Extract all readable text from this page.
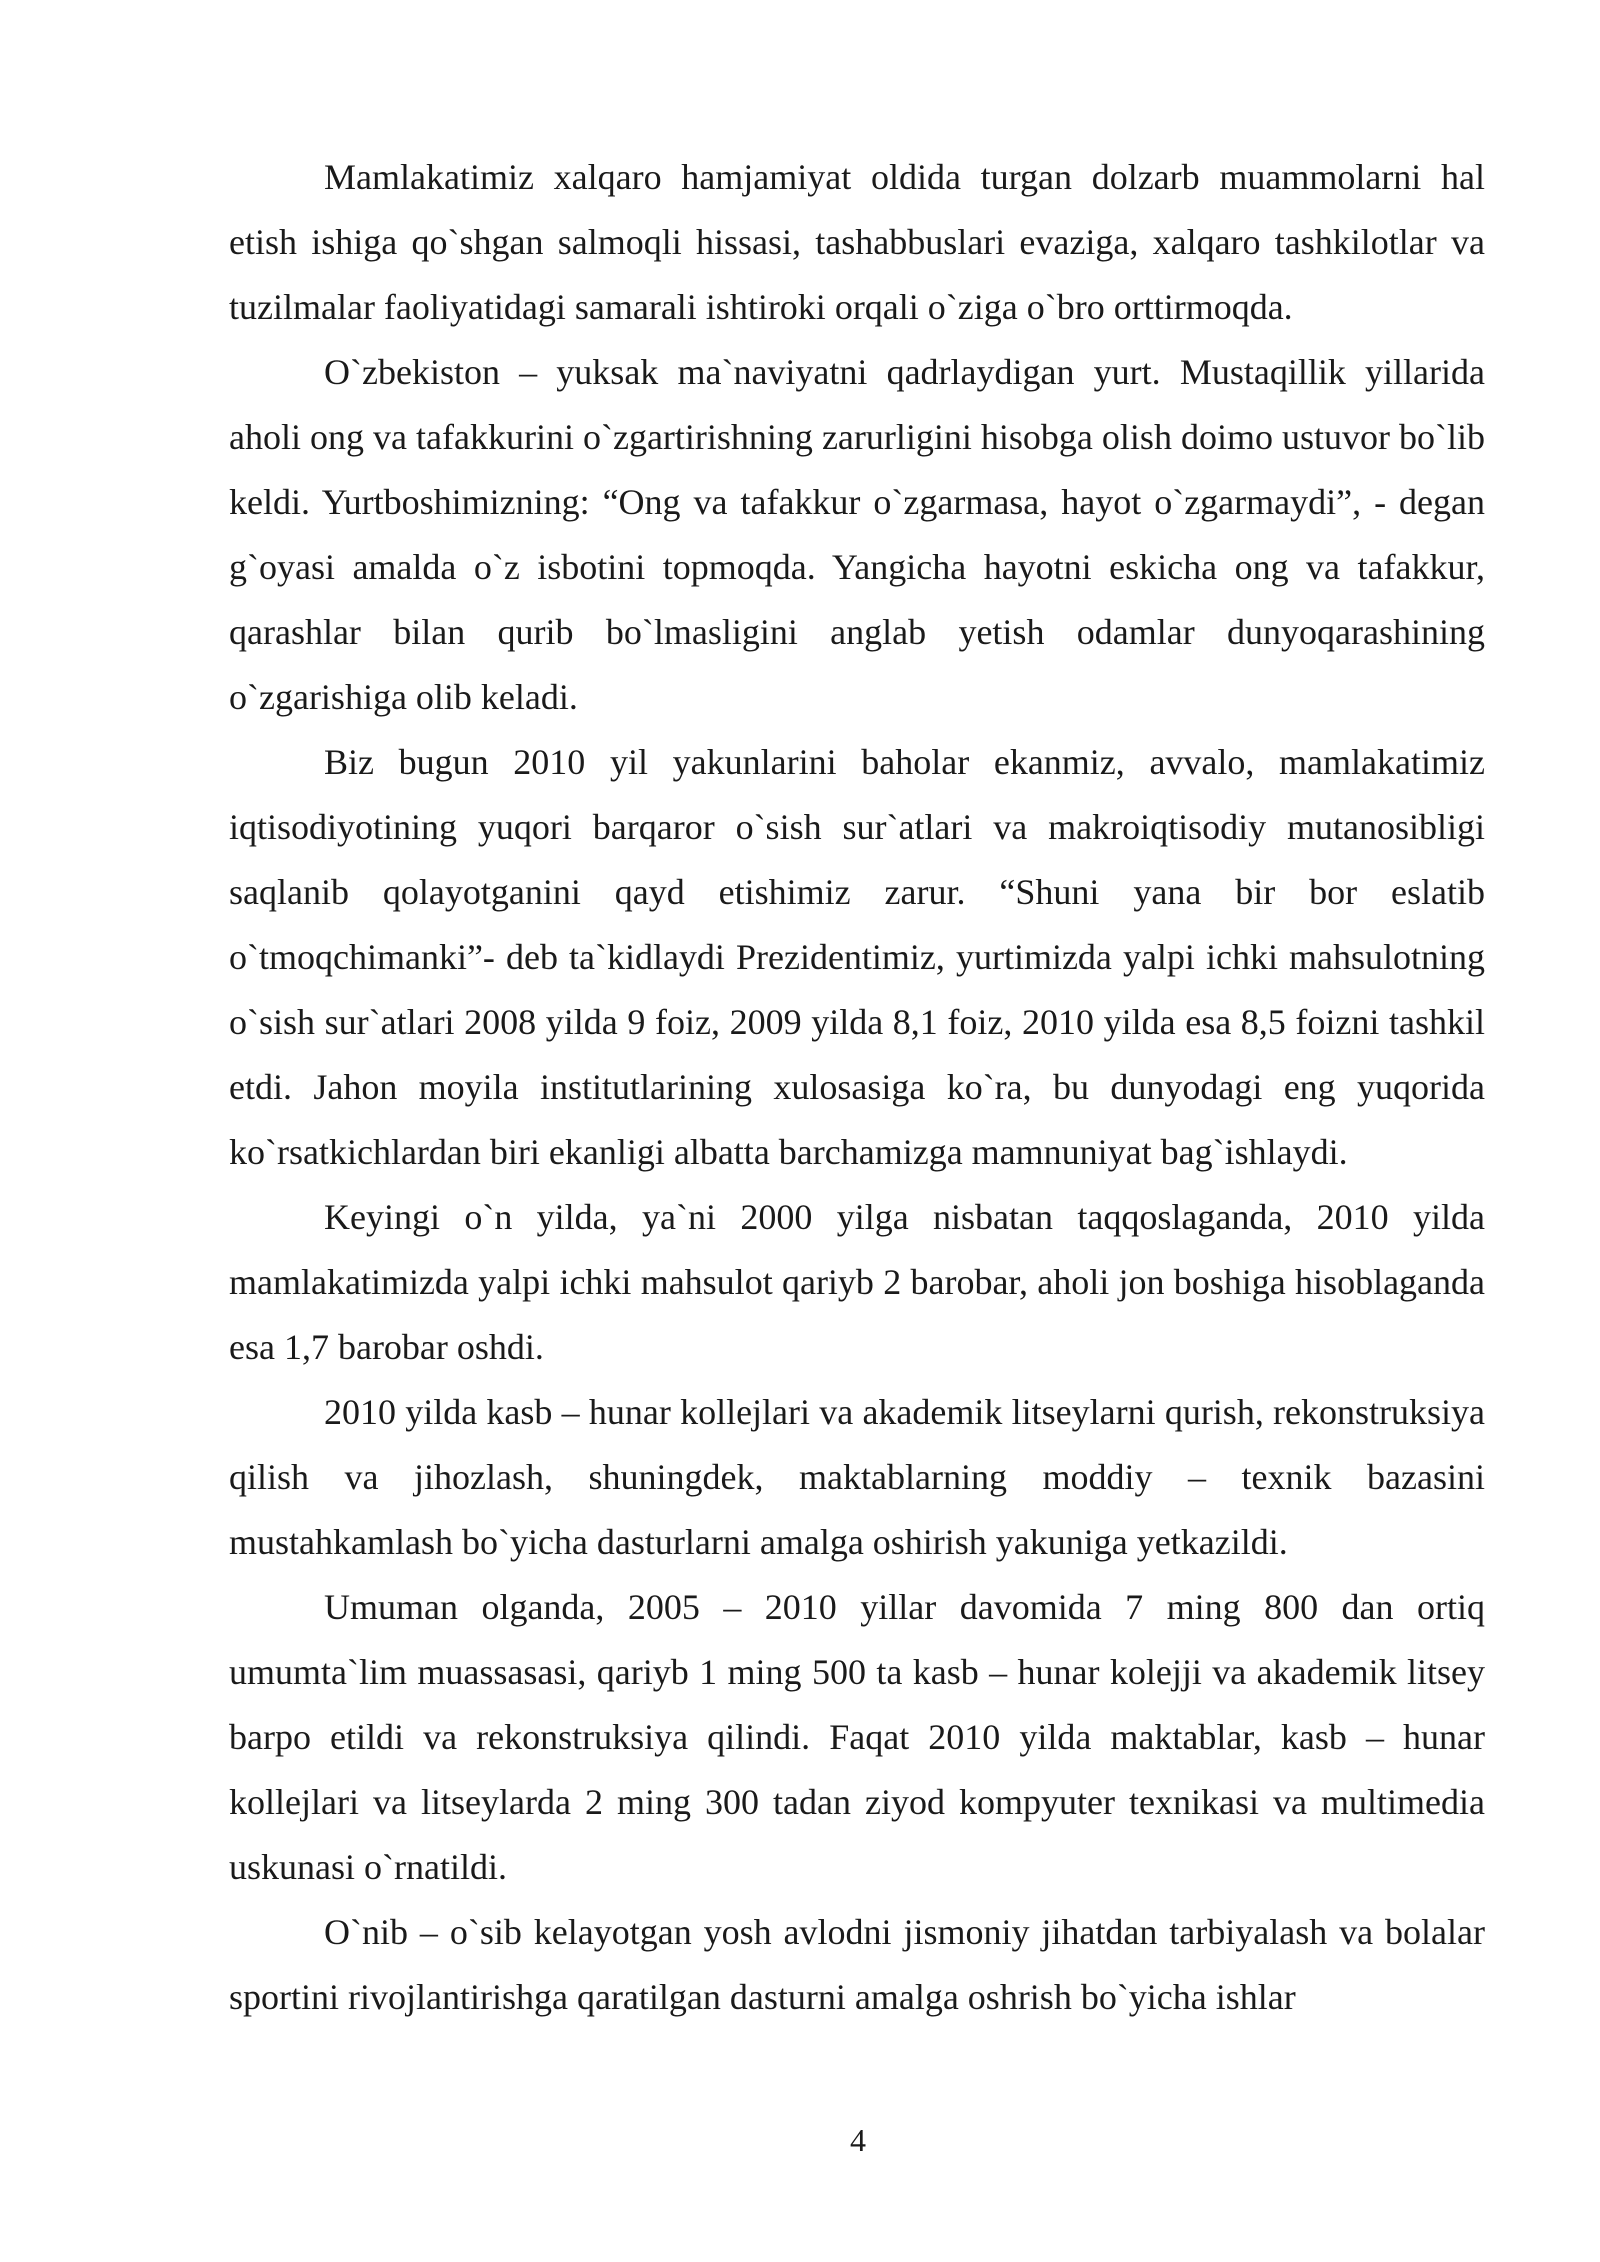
Mamlakatimiz xalqaro hamjamiyat oldida turgan dolzarb muammolarni hal etish ishiga qo`shgan salmoqli hissasi, tashabbuslari evaziga, xalqaro tashkilotlar va tuzilmalar faoliyatidagi samarali ishtiroki orqali o`ziga o`bro orttirmoqda.

O`zbekiston – yuksak ma`naviyatni qadrlaydigan yurt. Mustaqillik yillarida aholi ong va tafakkurini o`zgartirishning zarurligini hisobga olish doimo ustuvor bo`lib keldi. Yurtboshimizning: “Ong va tafakkur o`zgarmasa, hayot o`zgarmaydi”, - degan g`oyasi amalda o`z isbotini topmoqda. Yangicha hayotni eskicha ong va tafakkur, qarashlar bilan qurib bo`lmasligini anglab yetish odamlar dunyoqarashining o`zgarishiga olib keladi.

Biz bugun 2010 yil yakunlarini baholar ekanmiz, avvalo, mamlakatimiz iqtisodiyotining yuqori barqaror o`sish sur`atlari va makroiqtisodiy mutanosibligi saqlanib qolayotganini qayd etishimiz zarur. “Shuni yana bir bor eslatib o`tmoqchimanki”- deb ta`kidlaydi Prezidentimiz, yurtimizda yalpi ichki mahsulotning o`sish sur`atlari 2008 yilda 9 foiz, 2009 yilda 8,1 foiz, 2010 yilda esa 8,5 foizni tashkil etdi. Jahon moyila institutlarining xulosasiga ko`ra, bu dunyodagi eng yuqorida ko`rsatkichlardan biri ekanligi albatta barchamizga mamnuniyat bag`ishlaydi.

Keyingi o`n yilda, ya`ni 2000 yilga nisbatan taqqoslaganda, 2010 yilda mamlakatimizda yalpi ichki mahsulot qariyb 2 barobar, aholi jon boshiga hisoblaganda esa 1,7 barobar oshdi.

2010 yilda kasb – hunar kollejlari va akademik litseylarni qurish, rekonstruksiya qilish va jihozlash, shuningdek, maktablarning moddiy – texnik bazasini mustahkamlash bo`yicha dasturlarni amalga oshirish yakuniga yetkazildi.

Umuman olganda, 2005 – 2010 yillar davomida 7 ming 800 dan ortiq umumta`lim muassasasi, qariyb 1 ming 500 ta kasb – hunar kolejji va akademik litsey barpo etildi va rekonstruksiya qilindi. Faqat 2010 yilda maktablar, kasb – hunar kollejlari va litseylarda 2 ming 300 tadan ziyod kompyuter texnikasi va multimedia uskunasi o`rnatildi.

O`nib – o`sib kelayotgan yosh avlodni jismoniy jihatdan tarbiyalash va bolalar sportini rivojlantirishga qaratilgan dasturni amalga oshrish bo`yicha ishlar

4
